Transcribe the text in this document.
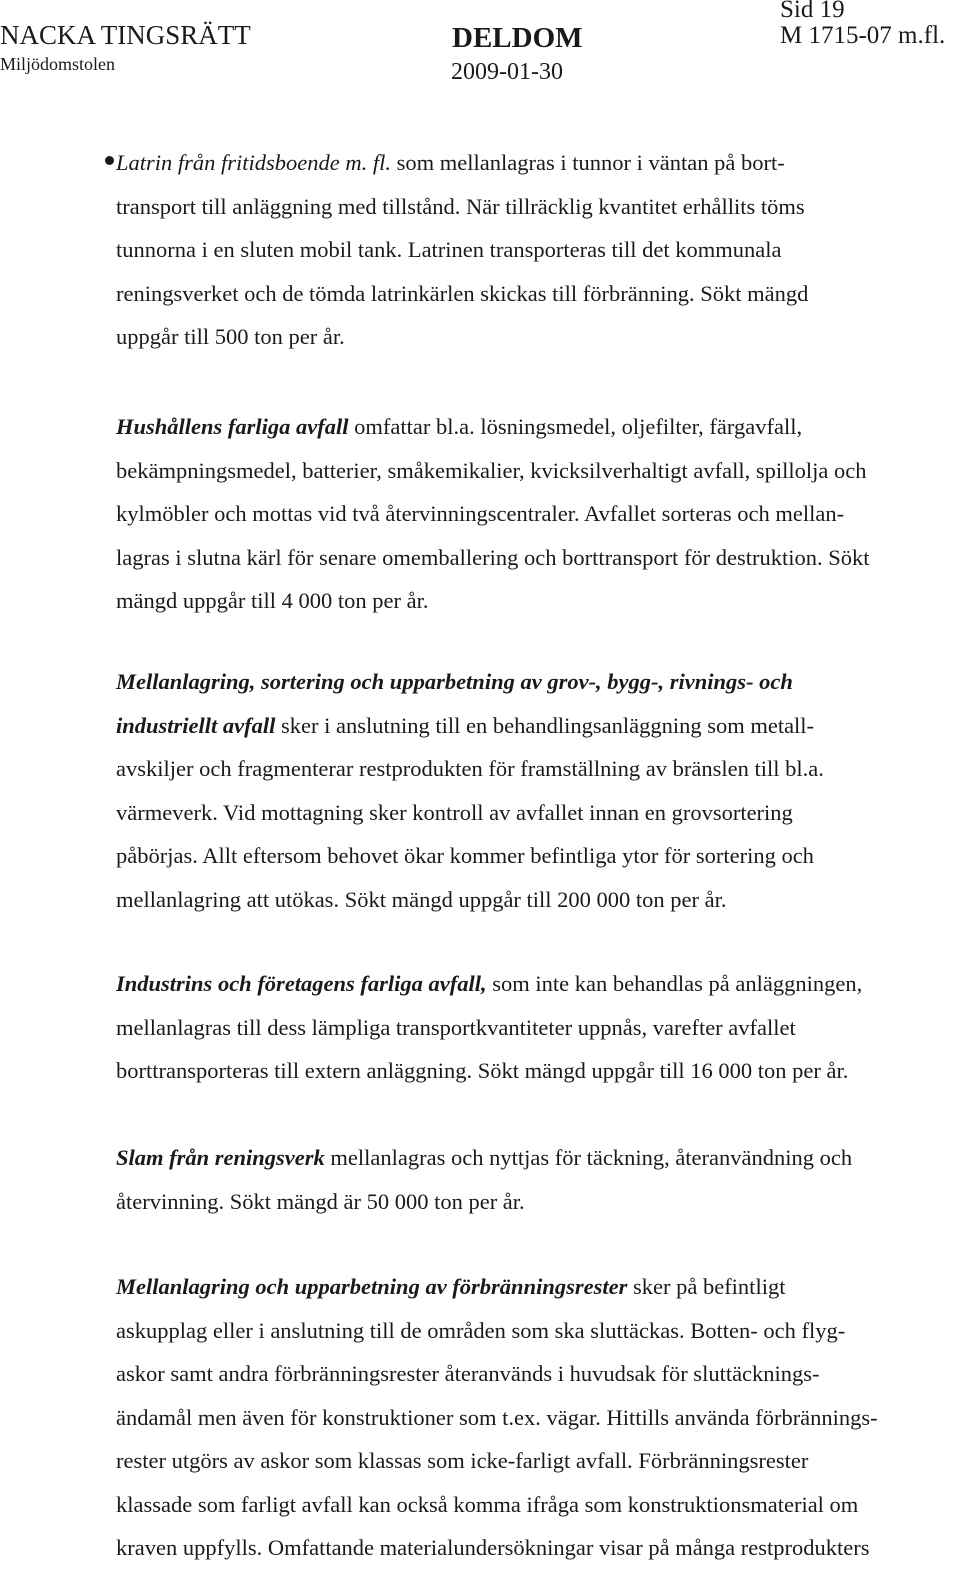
NACKA TINGSRÄTT
Miljödomstolen
DELDOM
2009-01-30
Sid 19
M 1715-07 m.fl.
Latrin från fritidsboende m. fl. som mellanlagras i tunnor i väntan på bort-
transport till anläggning med tillstånd. När tillräcklig kvantitet erhållits töms
tunnorna i en sluten mobil tank. Latrinen transporteras till det kommunala
reningsverket och de tömda latrinkärlen skickas till förbränning. Sökt mängd
uppgår till 500 ton per år.
Hushållens farliga avfall omfattar bl.a. lösningsmedel, oljefilter, färgavfall,
bekämpningsmedel, batterier, småkemikalier, kvicksilverhaltigt avfall, spillolja och
kylmöbler och mottas vid två återvinningscentraler. Avfallet sorteras och mellan-
lagras i slutna kärl för senare omemballering och borttransport för destruktion. Sökt
mängd uppgår till 4 000 ton per år.
Mellanlagring, sortering och upparbetning av grov-, bygg-, rivnings- och
industriellt avfall sker i anslutning till en behandlingsanläggning som metall-
avskiljer och fragmenterar restprodukten för framställning av bränslen till bl.a.
värmeverk. Vid mottagning sker kontroll av avfallet innan en grovsortering
påbörjas. Allt eftersom behovet ökar kommer befintliga ytor för sortering och
mellanlagring att utökas. Sökt mängd uppgår till 200 000 ton per år.
Industrins och företagens farliga avfall, som inte kan behandlas på anläggningen,
mellanlagras till dess lämpliga transportkvantiteter uppnås, varefter avfallet
borttransporteras till extern anläggning. Sökt mängd uppgår till 16 000 ton per år.
Slam från reningsverk mellanlagras och nyttjas för täckning, återanvändning och
återvinning. Sökt mängd är 50 000 ton per år.
Mellanlagring och upparbetning av förbränningsrester sker på befintligt
askupplag eller i anslutning till de områden som ska sluttäckas. Botten- och flyg-
askor samt andra förbränningsrester återanvänds i huvudsak för sluttäcknings-
ändamål men även för konstruktioner som t.ex. vägar. Hittills använda förbrännings-
rester utgörs av askor som klassas som icke-farligt avfall. Förbränningsrester
klassade som farligt avfall kan också komma ifråga som konstruktionsmaterial om
kraven uppfylls. Omfattande materialundersökningar visar på många restprodukters
